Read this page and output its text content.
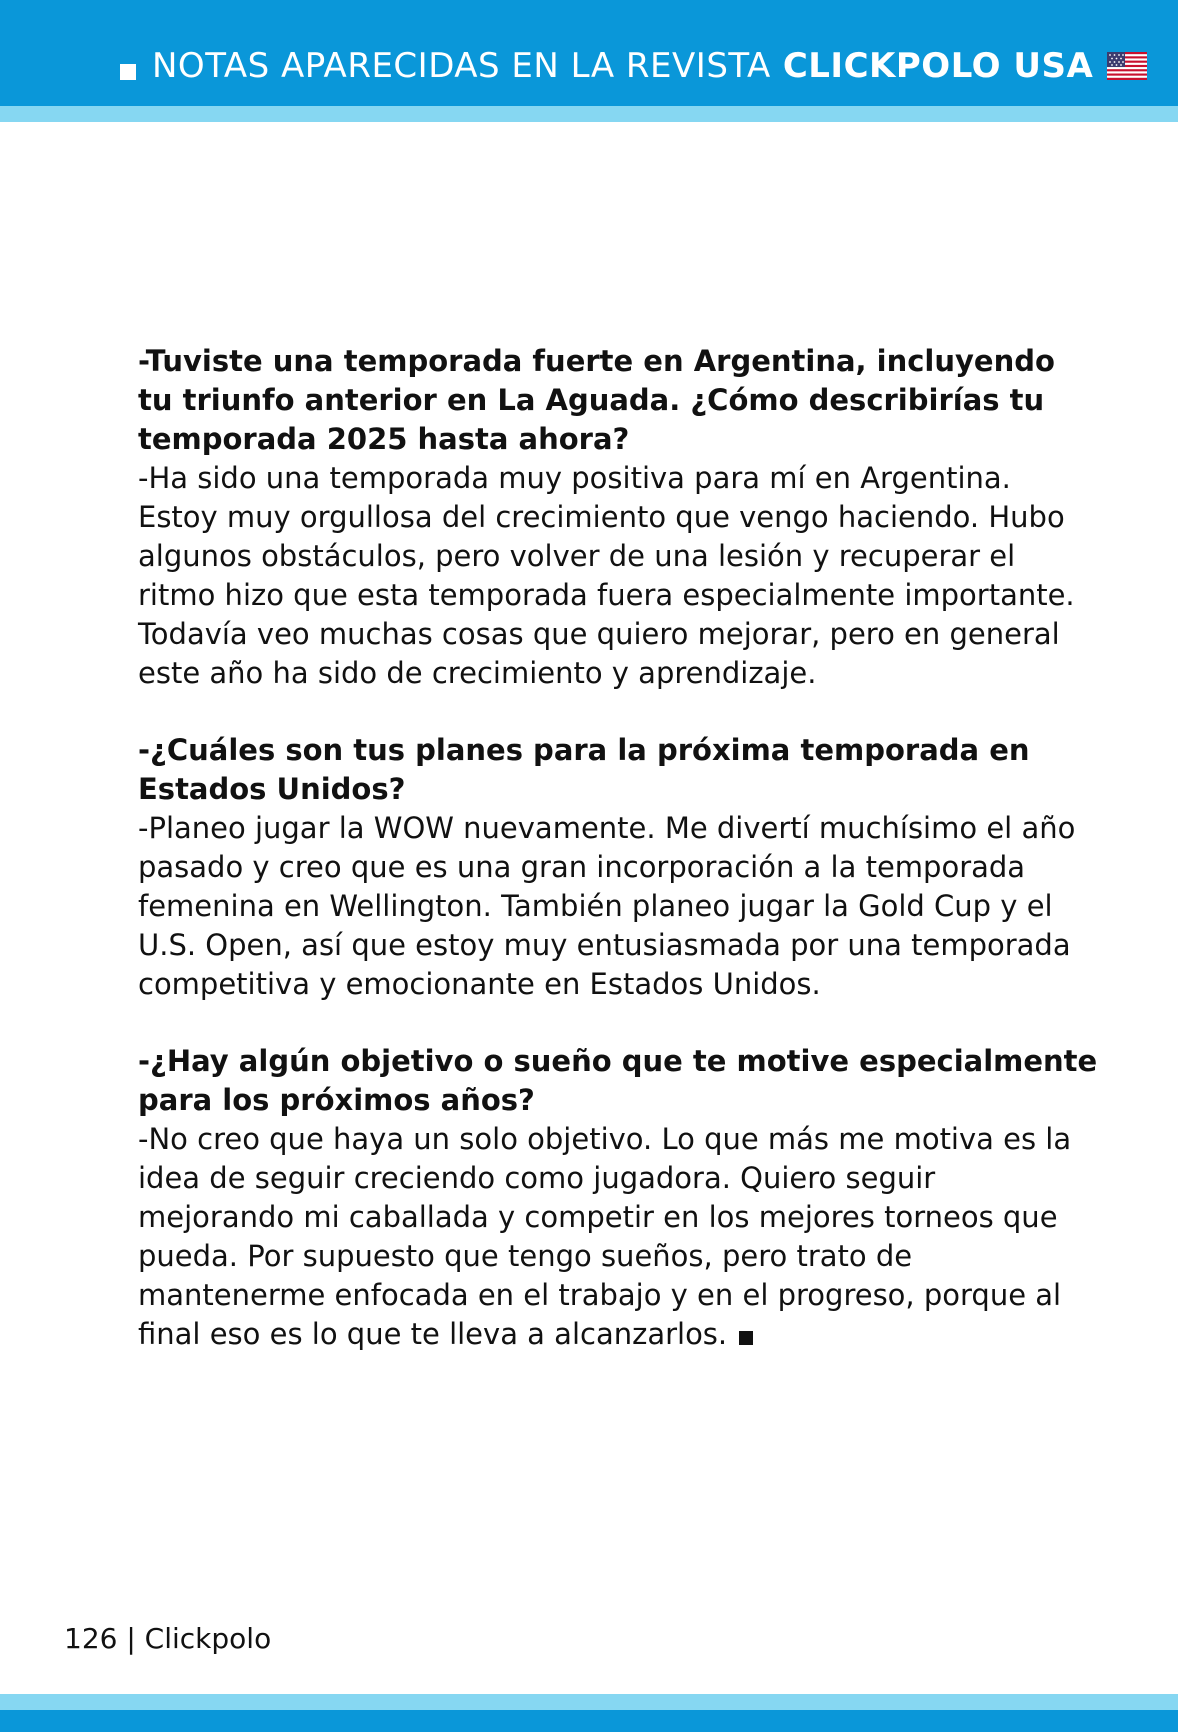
NOTAS APARECIDAS EN LA REVISTA CLICKPOLO USA

-Tuviste una temporada fuerte en Argentina, incluyendo tu triunfo anterior en La Aguada. ¿Cómo describirías tu temporada 2025 hasta ahora?

-Ha sido una temporada muy positiva para mí en Argentina. Estoy muy orgullosa del crecimiento que vengo haciendo. Hubo algunos obstáculos, pero volver de una lesión y recuperar el ritmo hizo que esta temporada fuera especialmente importante. Todavía veo muchas cosas que quiero mejorar, pero en general este año ha sido de crecimiento y aprendizaje.

-¿Cuáles son tus planes para la próxima temporada en Estados Unidos?

-Planeo jugar la WOW nuevamente. Me divertí muchísimo el año pasado y creo que es una gran incorporación a la temporada femenina en Wellington. También planeo jugar la Gold Cup y el U.S. Open, así que estoy muy entusiasmada por una temporada competitiva y emocionante en Estados Unidos.

-¿Hay algún objetivo o sueño que te motive especialmente para los próximos años?

-No creo que haya un solo objetivo. Lo que más me motiva es la idea de seguir creciendo como jugadora. Quiero seguir mejorando mi caballada y competir en los mejores torneos que pueda. Por supuesto que tengo sueños, pero trato de mantenerme enfocada en el trabajo y en el progreso, porque al final eso es lo que te lleva a alcanzarlos.

126 | Clickpolo
